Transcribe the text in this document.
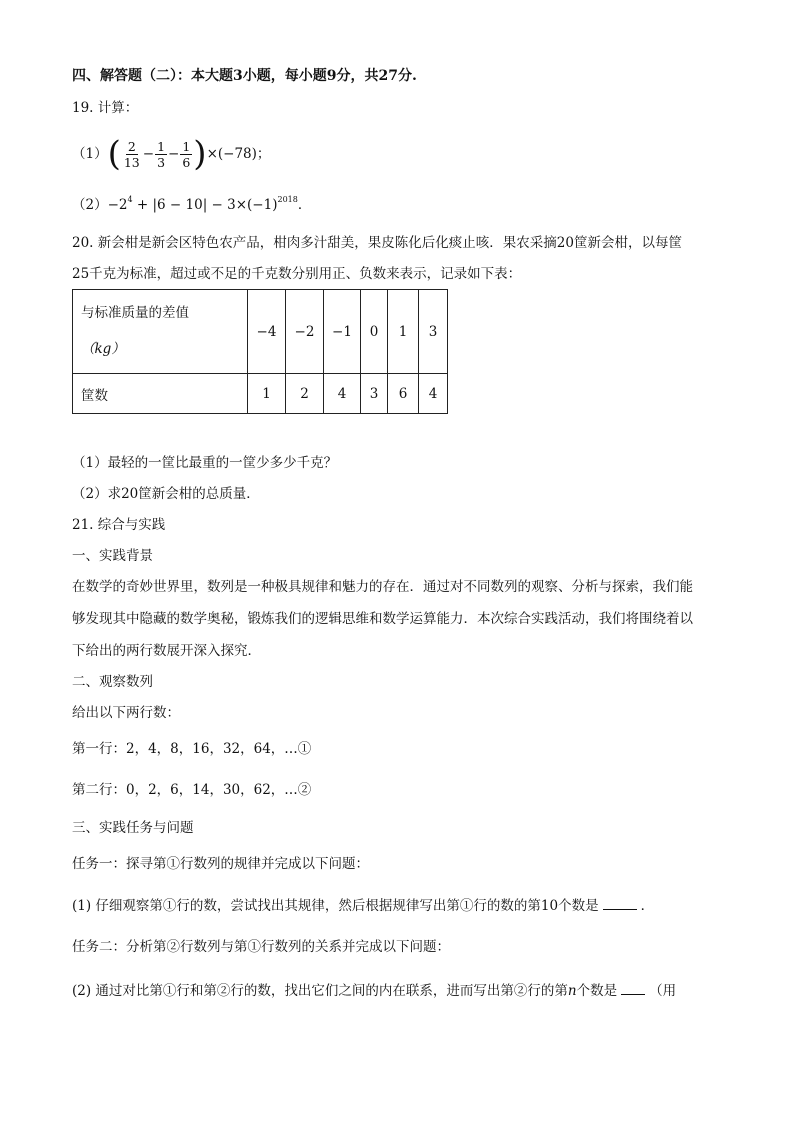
四、解答题（二）：本大题3小题，每小题9分，共27分.
19. 计算：
（1） ( $\frac{2}{13} - \frac{1}{3} - \frac{1}{6}$ ) ×(−78)；
$(2)-2^4 + |6 - 10| - 3\times(-1)^{2018}$．
20. 新会柑是新会区特色农产品，柑肉多汁甜美，果皮陈化后化痰止咳．果农采摘20筐新会柑，以每筐
25千克为标准，超过或不足的千克数分别用正、负数来表示，记录如下表：
与标准质量的差值
（kg）	−4	−2	−1	0	1	3
筐数	1	2	4	3	6	4
（1）最轻的一筐比最重的一筐少多少千克？
（2）求20筐新会柑的总质量．
21. 综合与实践
一、实践背景
在数学的奇妙世界里，数列是一种极具规律和魅力的存在．通过对不同数列的观察、分析与探索，我们能
够发现其中隐藏的数学奥秘，锻炼我们的逻辑思维和数学运算能力．本次综合实践活动，我们将围绕着以
下给出的两行数展开深入探究．
二、观察数列
给出以下两行数：
第一行：2，4，8，16，32，64，…①
第二行：0，2，6，14，30，62，…②
三、实践任务与问题
任务一：探寻第①行数列的规律并完成以下问题：
(1) 仔细观察第①行的数，尝试找出其规律，然后根据规律写出第①行的数的第10个数是	．
任务二：分析第②行数列与第①行数列的关系并完成以下问题：
(2) 通过对比第①行和第②行的数，找出它们之间的内在联系，进而写出第②行的第n个数是 （用
